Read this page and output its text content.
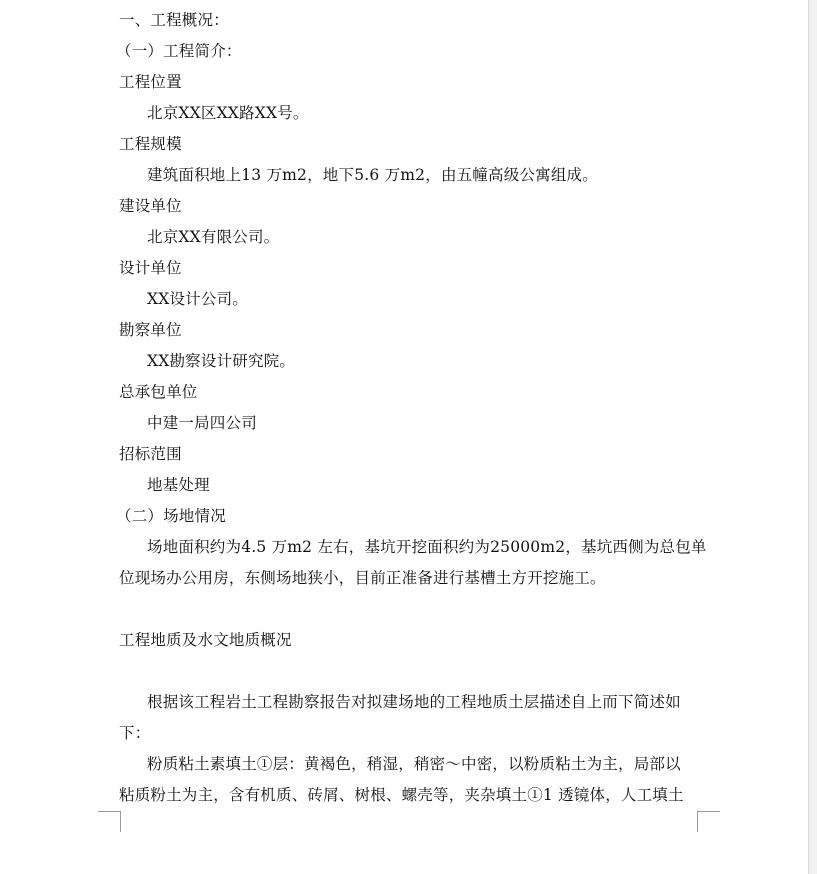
一、工程概况：
（一）工程简介：
工程位置
北京XX区XX路XX号。
工程规模
建筑面积地上13 万m2，地下5.6 万m2，由五幢高级公寓组成。
建设单位
北京XX有限公司。
设计单位
XX设计公司。
勘察单位
XX勘察设计研究院。
总承包单位
中建一局四公司
招标范围
地基处理
（二）场地情况
场地面积约为4.5 万m2 左右，基坑开挖面积约为25000m2，基坑西侧为总包单
位现场办公用房，东侧场地狭小，目前正准备进行基槽土方开挖施工。
工程地质及水文地质概况
根据该工程岩土工程勘察报告对拟建场地的工程地质土层描述自上而下简述如
下：
粉质粘土素填土①层：黄褐色，稍湿，稍密～中密，以粉质粘土为主，局部以
粘质粉土为主，含有机质、砖屑、树根、螺壳等，夹杂填土①1 透镜体，人工填土
